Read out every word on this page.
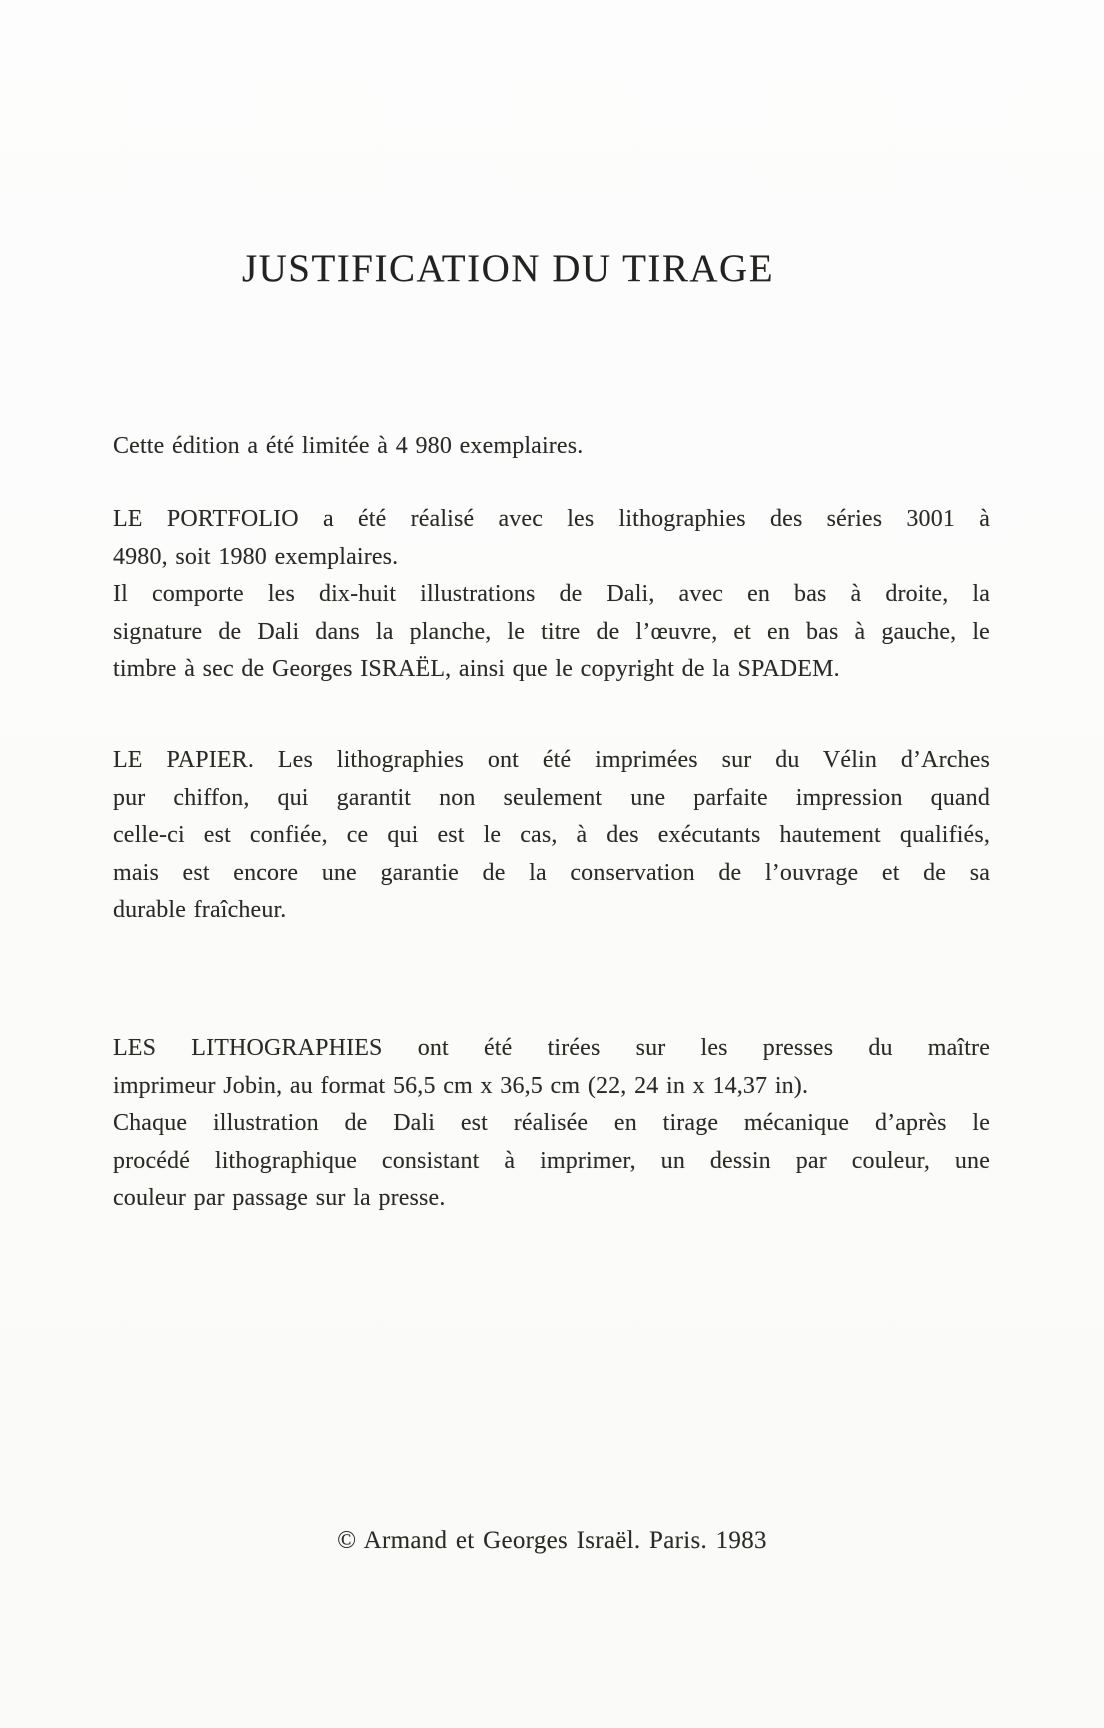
JUSTIFICATION DU TIRAGE
Cette édition a été limitée à 4 980 exemplaires.
LE PORTFOLIO a été réalisé avec les lithographies des séries 3001 à
4980, soit 1980 exemplaires.
Il comporte les dix-huit illustrations de Dali, avec en bas à droite, la
signature de Dali dans la planche, le titre de l’œuvre, et en bas à gauche, le
timbre à sec de Georges ISRAËL, ainsi que le copyright de la SPADEM.
LE PAPIER. Les lithographies ont été imprimées sur du Vélin d’Arches
pur chiffon, qui garantit non seulement une parfaite impression quand
celle-ci est confiée, ce qui est le cas, à des exécutants hautement qualifiés,
mais est encore une garantie de la conservation de l’ouvrage et de sa
durable fraîcheur.
LES LITHOGRAPHIES ont été tirées sur les presses du maître
imprimeur Jobin, au format 56,5 cm x 36,5 cm (22, 24 in x 14,37 in).
Chaque illustration de Dali est réalisée en tirage mécanique d’après le
procédé lithographique consistant à imprimer, un dessin par couleur, une
couleur par passage sur la presse.
© Armand et Georges Israël. Paris. 1983
